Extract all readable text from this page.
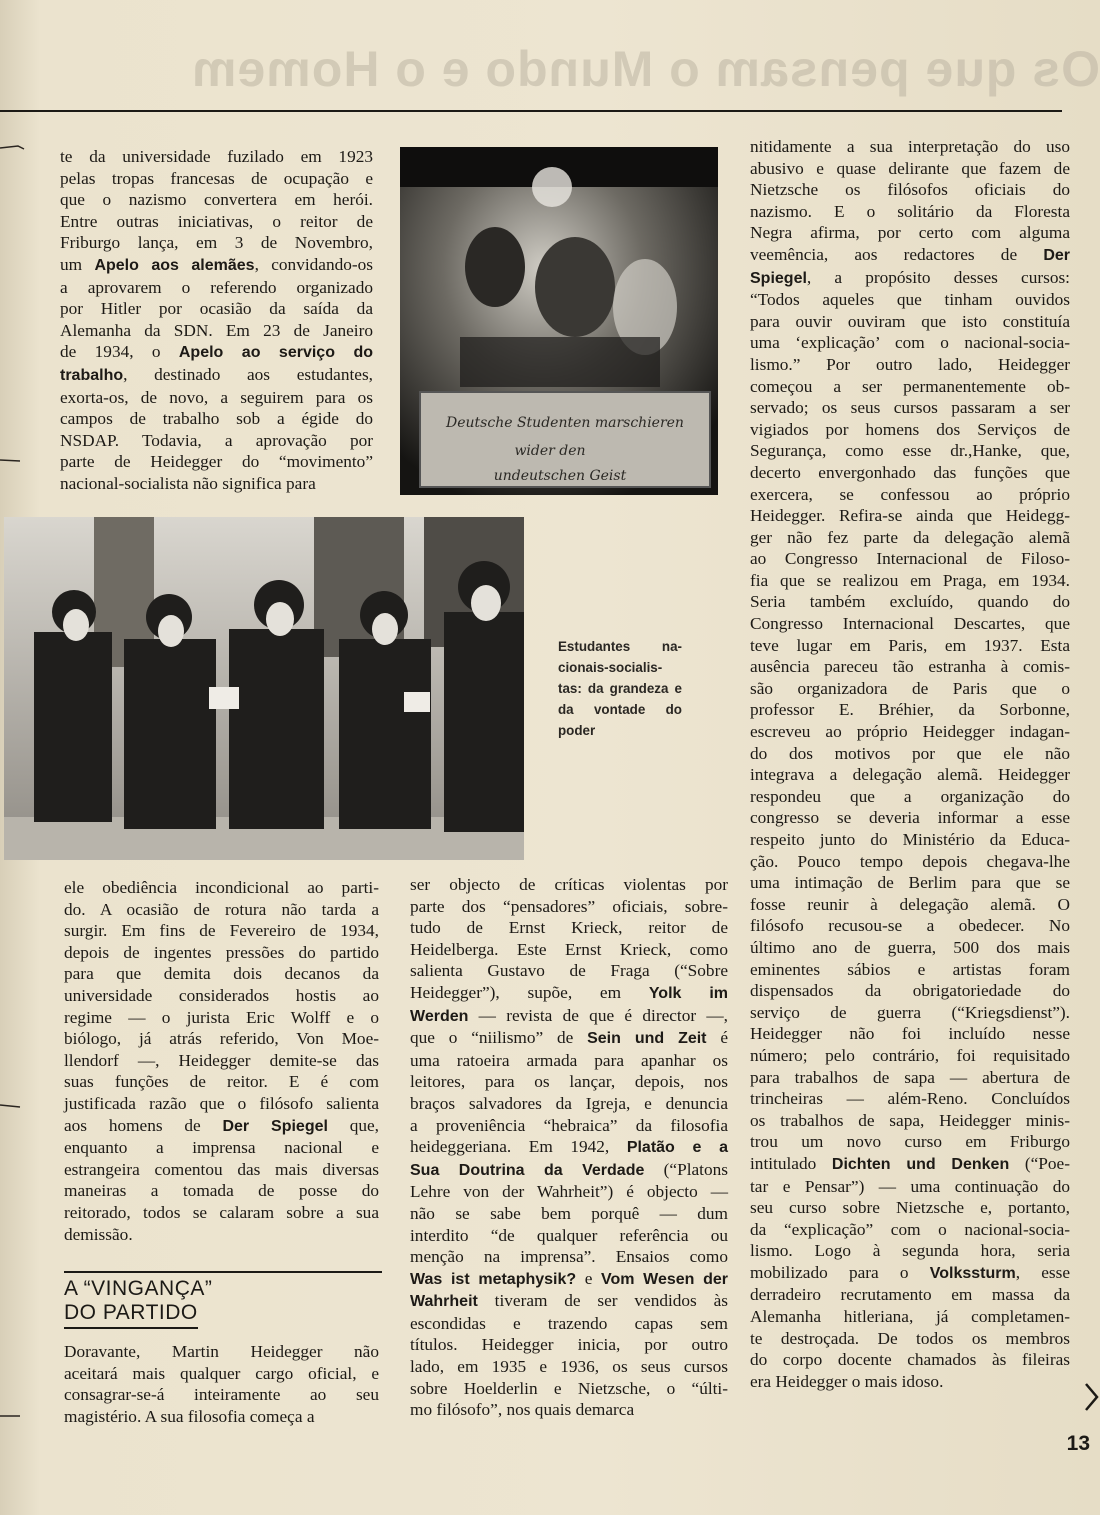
Os que pensam o Mundo e o Homem
te da universidade fuzilado em 1923
pelas tropas francesas de ocupação e
que o nazismo convertera em herói.
Entre outras iniciativas, o reitor de
Friburgo lança, em 3 de Novembro,
um Apelo aos alemães, convidando-os
a aprovarem o referendo organizado
por Hitler por ocasião da saída da
Alemanha da SDN. Em 23 de Janeiro
de 1934, o Apelo ao serviço do
trabalho, destinado aos estudantes,
exorta-os, de novo, a seguirem para os
campos de trabalho sob a égide do
NSDAP. Todavia, a aprovação por
parte de Heidegger do “movimento”
nacional-socialista não significa para
Deutsche Studenten marschieren
wider den
undeutschen Geist
Estudantes na-cionais-socialis-tas: da grandeza e da vontade do poder
ele obediência incondicional ao parti-
do. A ocasião de rotura não tarda a
surgir. Em fins de Fevereiro de 1934,
depois de ingentes pressões do partido
para que demita dois decanos da
universidade considerados hostis ao
regime — o jurista Eric Wolff e o
biólogo, já atrás referido, Von Moe-
llendorf —, Heidegger demite-se das
suas funções de reitor. E é com
justificada razão que o filósofo salienta
aos homens de Der Spiegel que,
enquanto a imprensa nacional e
estrangeira comentou das mais diversas
maneiras a tomada de posse do
reitorado, todos se calaram sobre a sua
demissão.
A “VINGANÇA”
DO PARTIDO
Doravante, Martin Heidegger não
aceitará mais qualquer cargo oficial, e
consagrar-se-á inteiramente ao seu
magistério. A sua filosofia começa a
ser objecto de críticas violentas por
parte dos “pensadores” oficiais, sobre-
tudo de Ernst Krieck, reitor de
Heidelberga. Este Ernst Krieck, como
salienta Gustavo de Fraga (“Sobre
Heidegger”), supõe, em Yolk im
Werden — revista de que é director —,
que o “niilismo” de Sein und Zeit é
uma ratoeira armada para apanhar os
leitores, para os lançar, depois, nos
braços salvadores da Igreja, e denuncia
a proveniência “hebraica” da filosofia
heideggeriana. Em 1942, Platão e a
Sua Doutrina da Verdade (“Platons
Lehre von der Wahrheit”) é objecto —
não se sabe bem porquê — dum
interdito “de qualquer referência ou
menção na imprensa”. Ensaios como
Was ist metaphysik? e Vom Wesen der
Wahrheit tiveram de ser vendidos às
escondidas e trazendo capas sem
títulos. Heidegger inicia, por outro
lado, em 1935 e 1936, os seus cursos
sobre Hoelderlin e Nietzsche, o “últi-
mo filósofo”, nos quais demarca
nitidamente a sua interpretação do uso
abusivo e quase delirante que fazem de
Nietzsche os filósofos oficiais do
nazismo. E o solitário da Floresta
Negra afirma, por certo com alguma
veemência, aos redactores de Der
Spiegel, a propósito desses cursos:
“Todos aqueles que tinham ouvidos
para ouvir ouviram que isto constituía
uma ‘explicação’ com o nacional-socia-
lismo.” Por outro lado, Heidegger
começou a ser permanentemente ob-
servado; os seus cursos passaram a ser
vigiados por homens dos Serviços de
Segurança, como esse dr.,Hanke, que,
decerto envergonhado das funções que
exercera, se confessou ao próprio
Heidegger. Refira-se ainda que Heidegg-
ger não fez parte da delegação alemã
ao Congresso Internacional de Filoso-
fia que se realizou em Praga, em 1934.
Seria também excluído, quando do
Congresso Internacional Descartes, que
teve lugar em Paris, em 1937. Esta
ausência pareceu tão estranha à comis-
são organizadora de Paris que o
professor E. Bréhier, da Sorbonne,
escreveu ao próprio Heidegger indagan-
do dos motivos por que ele não
integrava a delegação alemã. Heidegger
respondeu que a organização do
congresso se deveria informar a esse
respeito junto do Ministério da Educa-
ção. Pouco tempo depois chegava-lhe
uma intimação de Berlim para que se
fosse reunir à delegação alemã. O
filósofo recusou-se a obedecer. No
último ano de guerra, 500 dos mais
eminentes sábios e artistas foram
dispensados da obrigatoriedade do
serviço de guerra (“Kriegsdienst”).
Heidegger não foi incluído nesse
número; pelo contrário, foi requisitado
para trabalhos de sapa — abertura de
trincheiras — além-Reno. Concluídos
os trabalhos de sapa, Heidegger minis-
trou um novo curso em Friburgo
intitulado Dichten und Denken (“Poe-
tar e Pensar”) — uma continuação do
seu curso sobre Nietzsche e, portanto,
da “explicação” com o nacional-socia-
lismo. Logo à segunda hora, seria
mobilizado para o Volkssturm, esse
derradeiro recrutamento em massa da
Alemanha hitleriana, já completamen-
te destroçada. De todos os membros
do corpo docente chamados às fileiras
era Heidegger o mais idoso.
13
